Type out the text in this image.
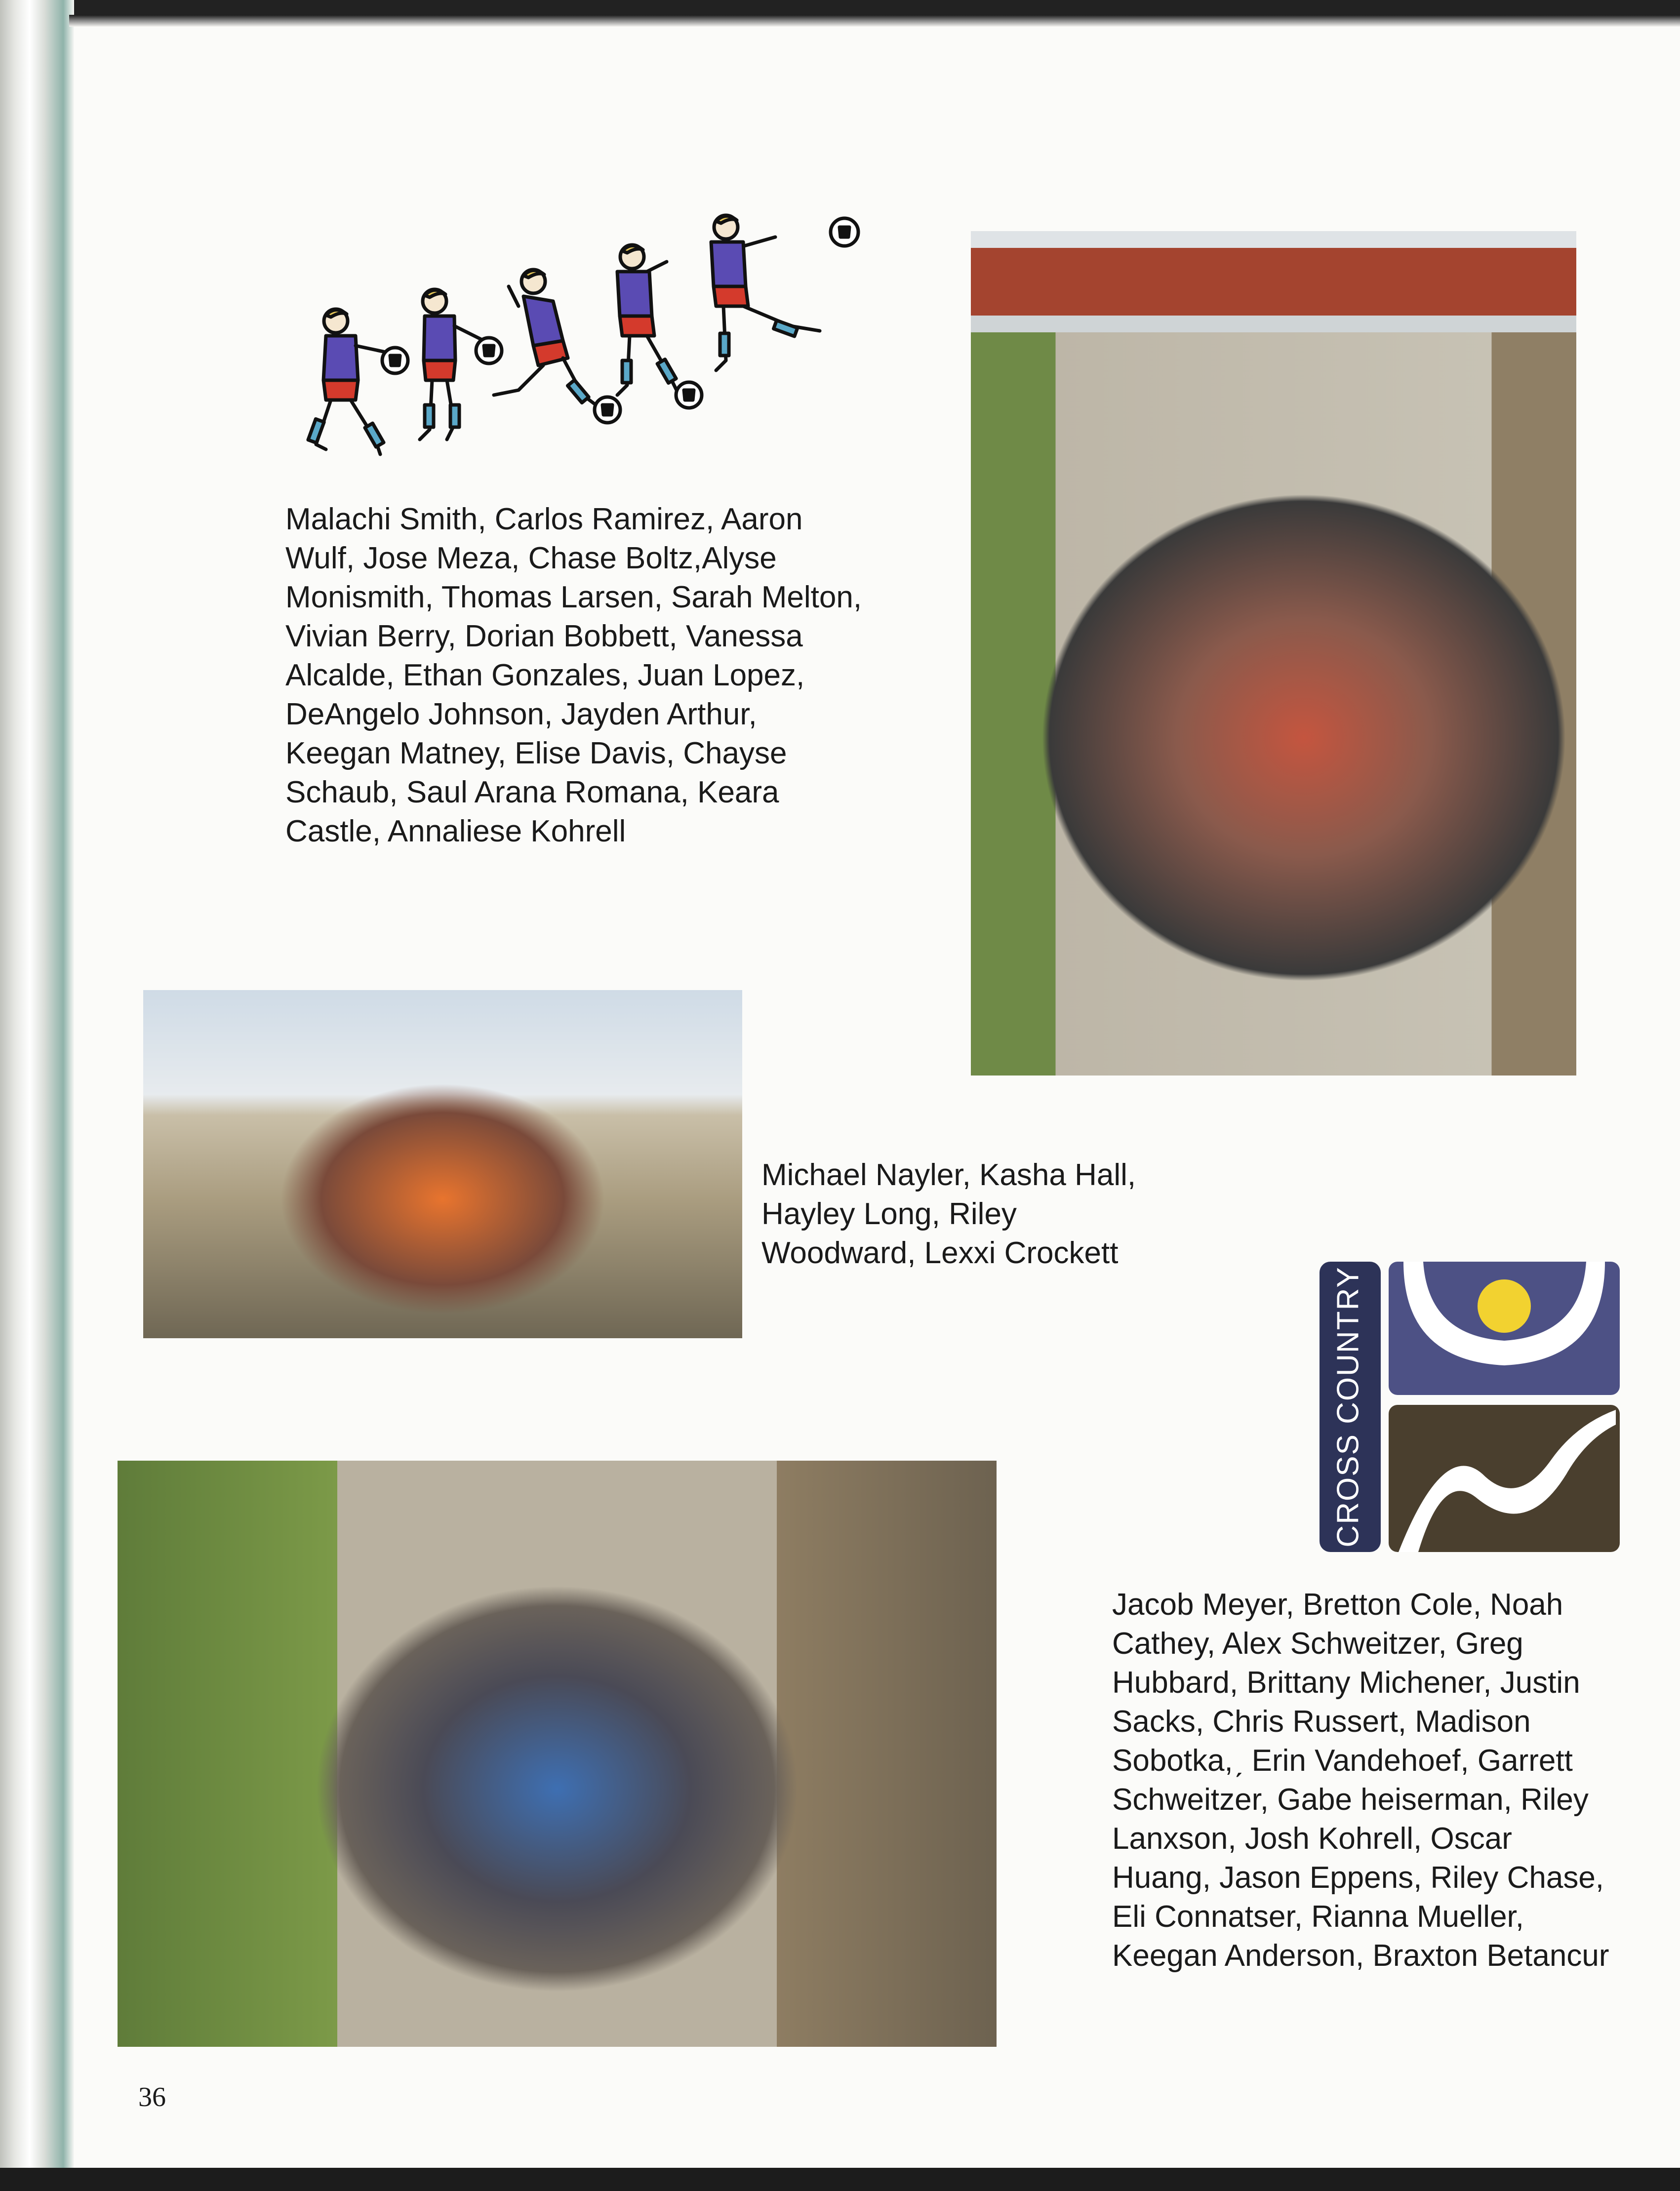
Malachi Smith, Carlos Ramirez, Aaron
Wulf, Jose Meza, Chase Boltz,Alyse
Monismith, Thomas Larsen, Sarah Melton,
Vivian Berry, Dorian Bobbett, Vanessa
Alcalde, Ethan Gonzales, Juan Lopez,
DeAngelo Johnson, Jayden Arthur,
Keegan Matney, Elise Davis, Chayse
Schaub, Saul Arana Romana, Keara
Castle, Annaliese Kohrell
Michael Nayler, Kasha Hall,
Hayley Long, Riley
Woodward, Lexxi Crockett
CROSS COUNTRY
Jacob Meyer, Bretton Cole, Noah
Cathey, Alex Schweitzer, Greg
Hubbard, Brittany Michener, Justin
Sacks, Chris Russert, Madison
Sobotka,ˏ Erin Vandehoef, Garrett
Schweitzer, Gabe heiserman, Riley
Lanxson, Josh Kohrell, Oscar
Huang, Jason Eppens, Riley Chase,
Eli Connatser, Rianna Mueller,
Keegan Anderson, Braxton Betancur
36
